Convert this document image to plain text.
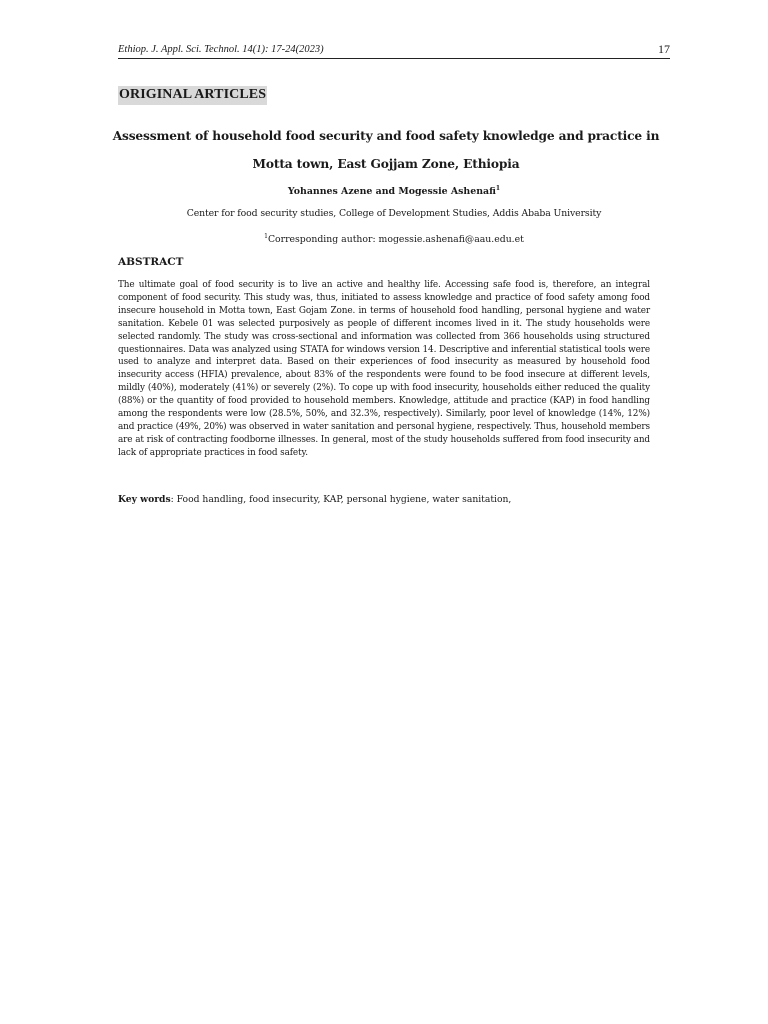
Ethiop. J. Appl. Sci. Technol. 14(1): 17-24(2023)	17
ORIGINAL ARTICLES
Assessment of household food security and food safety knowledge and practice in Motta town, East Gojjam Zone, Ethiopia
Yohannes Azene and Mogessie Ashenafi$^1$
Center for food security studies, College of Development Studies, Addis Ababa University
$^1$Corresponding author: mogessie.ashenafi@aau.edu.et
ABSTRACT

The ultimate goal of food security is to live an active and healthy life. Accessing safe food is, therefore, an integral component of food security. This study was, thus, initiated to assess knowledge and practice of food safety among food insecure household in Motta town, East Gojam Zone. in terms of household food handling, personal hygiene and water sanitation. Kebele 01 was selected purposively as people of different incomes lived in it. The study households were selected randomly. The study was cross-sectional and information was collected from 366 households using structured questionnaires. Data was analyzed using STATA for windows version 14. Descriptive and inferential statistical tools were used to analyze and interpret data. Based on their experiences of food insecurity as measured by household food insecurity access (HFIA) prevalence, about 83% of the respondents were found to be food insecure at different levels, mildly (40%), moderately (41%) or severely (2%). To cope up with food insecurity, households either reduced the quality (88%) or the quantity of food provided to household members. Knowledge, attitude and practice (KAP) in food handling among the respondents were low (28.5%, 50%, and 32.3%, respectively). Similarly, poor level of knowledge (14%, 12%) and practice (49%, 20%) was observed in water sanitation and personal hygiene, respectively. Thus, household members are at risk of contracting foodborne illnesses. In general, most of the study households suffered from food insecurity and lack of appropriate practices in food safety.

Key words: Food handling, food insecurity, KAP, personal hygiene, water sanitation,
